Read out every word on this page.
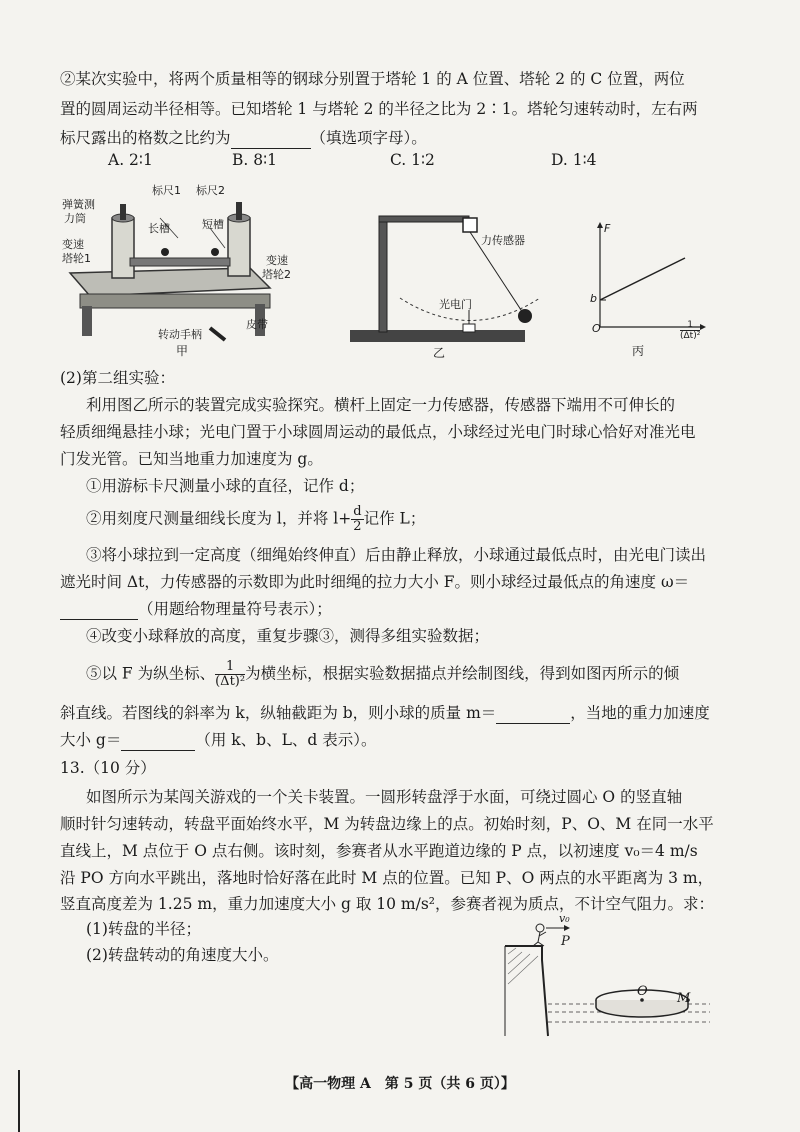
②某次实验中，将两个质量相等的钢球分别置于塔轮 1 的 A 位置、塔轮 2 的 C 位置，两位
置的圆周运动半径相等。已知塔轮 1 与塔轮 2 的半径之比为 2∶1。塔轮匀速转动时，左右两
标尺露出的格数之比约为	（填选项字母）。
A. 2∶1	B. 8∶1	C. 1∶2	D. 1∶4
弹簧测
力筒
标尺1 标尺2
长槽	短槽
变速
塔轮1	变速
塔轮2
转动手柄
皮带
甲
力传感器
光电门
乙
F
b
O	1
(Δt)²
丙
(2)第二组实验：
利用图乙所示的装置完成实验探究。横杆上固定一力传感器，传感器下端用不可伸长的
轻质细绳悬挂小球；光电门置于小球圆周运动的最低点，小球经过光电门时球心恰好对准光电
门发光管。已知当地重力加速度为 g。
①用游标卡尺测量小球的直径，记作 d；
②用刻度尺测量细线长度为 l，并将 $l+ \frac{d}{2}$ 记作 L；
③将小球拉到一定高度（细绳始终伸直）后由静止释放，小球通过最低点时，由光电门读出
遮光时间 Δt，力传感器的示数即为此时细绳的拉力大小 F。则小球经过最低点的角速度 ω＝
（用题给物理量符号表示）；
④改变小球释放的高度，重复步骤③，测得多组实验数据；
⑤以 F 为纵坐标、 $\frac{1}{\text{(Δt)²}}$ 为横坐标，根据实验数据描点并绘制图线，得到如图丙所示的倾
斜直线。若图线的斜率为 k，纵轴截距为 b，则小球的质量 m＝	，当地的重力加速度
大小 g＝	（用 k、b、L、d 表示）。
13.（10 分）
如图所示为某闯关游戏的一个关卡装置。一圆形转盘浮于水面，可绕过圆心 O 的竖直轴
顺时针匀速转动，转盘平面始终水平，M 为转盘边缘上的点。初始时刻，P、O、M 在同一水平
直线上，M 点位于 O 点右侧。该时刻，参赛者从水平跑道边缘的 P 点，以初速度 v₀＝4 m/s
沿 PO 方向水平跳出，落地时恰好落在此时 M 点的位置。已知 P、O 两点的水平距离为 3 m，
竖直高度差为 1.25 m，重力加速度大小 g 取 10 m/s²，参赛者视为质点，不计空气阻力。求：
(1)转盘的半径；
(2)转盘转动的角速度大小。
v₀
P
O M
【高一物理 A　第 5 页（共 6 页）】
